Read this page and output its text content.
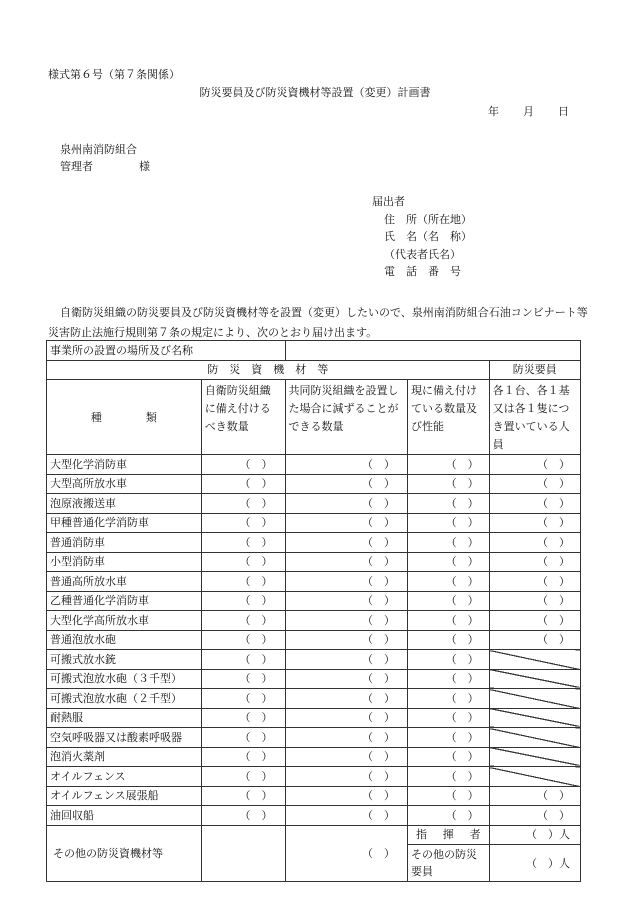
様式第６号（第７条関係）
防災要員及び防災資機材等設置（変更）計画書
年 月 日
泉州南消防組合
管理者	様
届出者
住　所（所在地）
氏　名（名　称）
（代表者氏名）
電　話　番　号
自衛防災組織の防災要員及び防災資機材等を設置（変更）したいので、泉州南消防組合石油コンビナート等災害防止法施行規則第７条の規定により、次のとおり届け出ます。
事業所の設置の場所及び名称				
防　災　資　機　材　等				防災要員
種　　　　類	自衛防災組織に備え付けるべき数量	共同防災組織を設置した場合に減ずることができる数量	現に備え付けている数量及び性能	各１台、各１基又は各１隻につき置いている人員
大型化学消防車	（　）	（　）	（　）	（　）
大型高所放水車	（　）	（　）	（　）	（　）
泡原液搬送車	（　）	（　）	（　）	（　）
甲種普通化学消防車	（　）	（　）	（　）	（　）
普通消防車	（　）	（　）	（　）	（　）
小型消防車	（　）	（　）	（　）	（　）
普通高所放水車	（　）	（　）	（　）	（　）
乙種普通化学消防車	（　）	（　）	（　）	（　）
大型化学高所放水車	（　）	（　）	（　）	（　）
普通泡放水砲	（　）	（　）	（　）	（　）
可搬式放水銃	（　）	（　）	（　）	
可搬式泡放水砲（３千型）	（　）	（　）	（　）	
可搬式泡放水砲（２千型）	（　）	（　）	（　）	
耐熱服	（　）	（　）	（　）	
空気呼吸器又は酸素呼吸器	（　）	（　）	（　）	
泡消火薬剤	（　）	（　）	（　）	
オイルフェンス	（　）	（　）	（　）	
オイルフェンス展張船	（　）	（　）	（　）	（　）
油回収船	（　）	（　）	（　）	（　）
その他の防災資機材等		（　）	指　揮　者	（　）人
			その他の防災要員	（　）人
